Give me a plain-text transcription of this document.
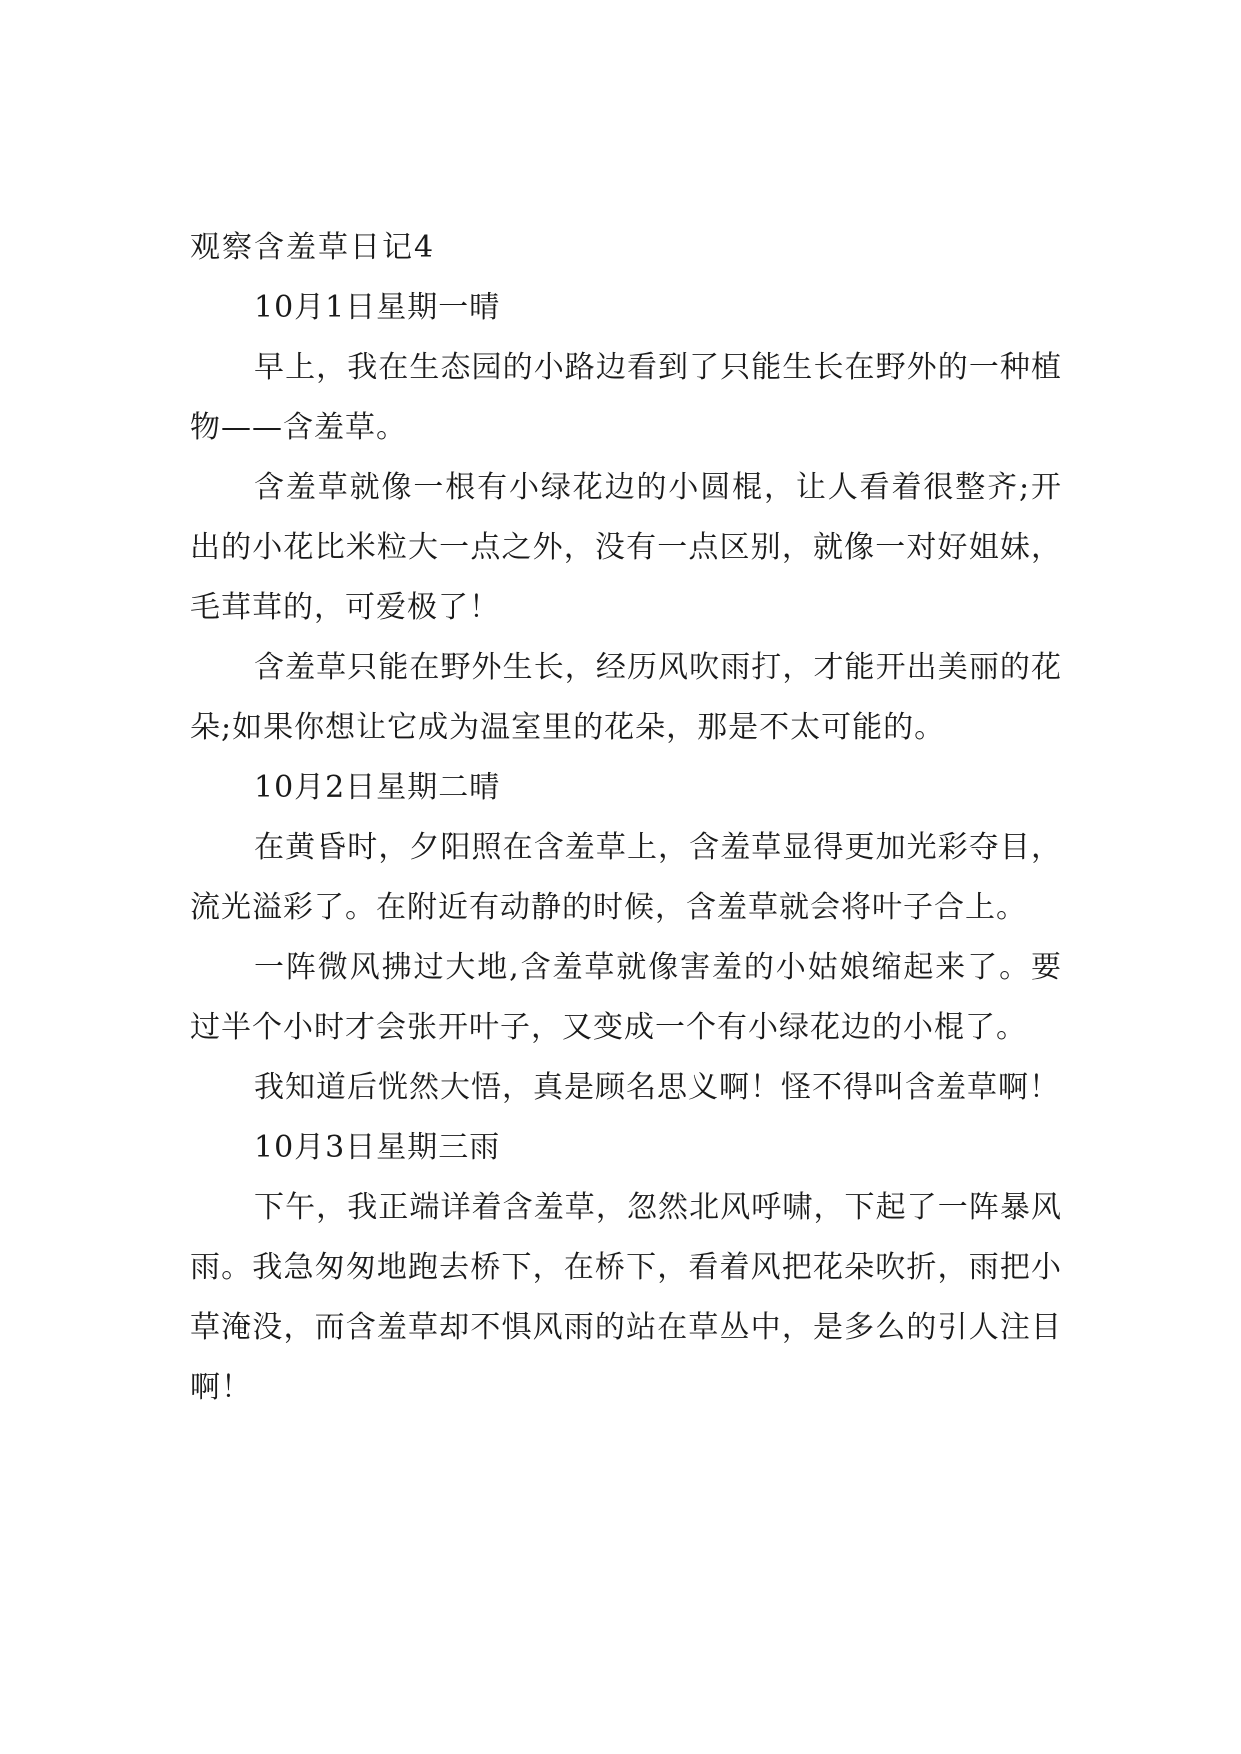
观察含羞草日记4

10月1日星期一晴

早上，我在生态园的小路边看到了只能生长在野外的一种植物——含羞草。

含羞草就像一根有小绿花边的小圆棍，让人看着很整齐;开出的小花比米粒大一点之外，没有一点区别，就像一对好姐妹，毛茸茸的，可爱极了！

含羞草只能在野外生长，经历风吹雨打，才能开出美丽的花朵;如果你想让它成为温室里的花朵，那是不太可能的。

10月2日星期二晴

在黄昏时，夕阳照在含羞草上，含羞草显得更加光彩夺目，流光溢彩了。在附近有动静的时候，含羞草就会将叶子合上。

一阵微风拂过大地,含羞草就像害羞的小姑娘缩起来了。要过半个小时才会张开叶子，又变成一个有小绿花边的小棍了。

我知道后恍然大悟，真是顾名思义啊！怪不得叫含羞草啊！

10月3日星期三雨

下午，我正端详着含羞草，忽然北风呼啸，下起了一阵暴风雨。我急匆匆地跑去桥下，在桥下，看着风把花朵吹折，雨把小草淹没，而含羞草却不惧风雨的站在草丛中，是多么的引人注目啊！
